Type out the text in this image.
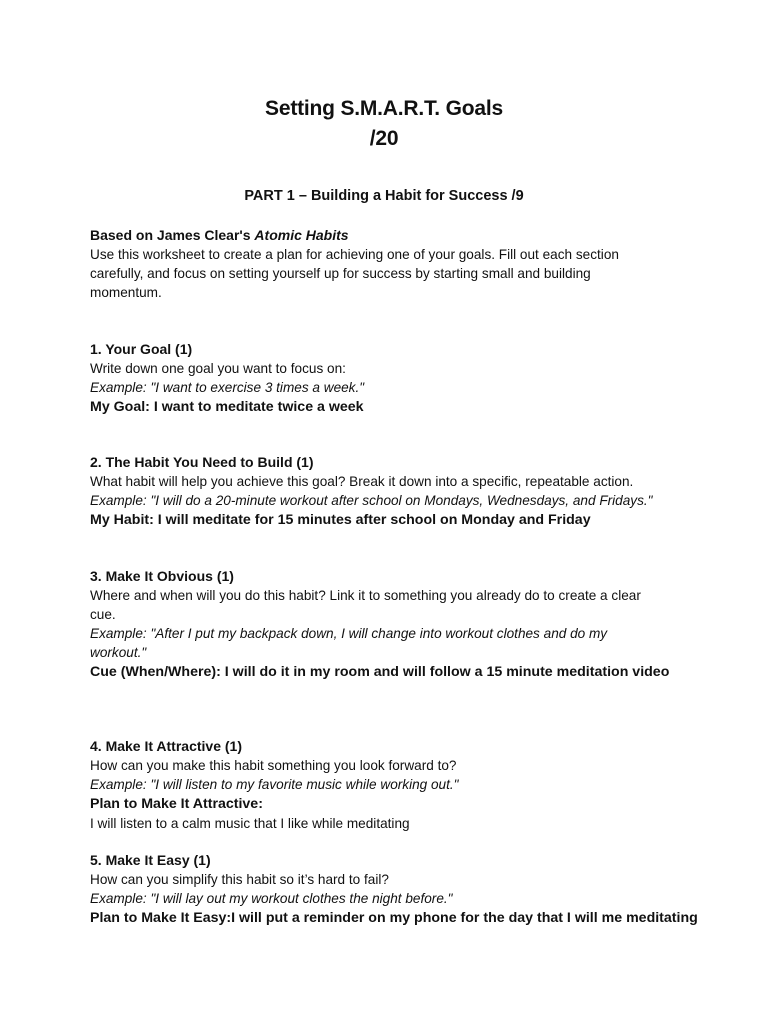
Setting S.M.A.R.T. Goals
/20
PART 1 – Building a Habit for Success /9
Based on James Clear's Atomic Habits
Use this worksheet to create a plan for achieving one of your goals. Fill out each section
carefully, and focus on setting yourself up for success by starting small and building
momentum.
1. Your Goal (1)
Write down one goal you want to focus on:
Example: "I want to exercise 3 times a week."
My Goal: I want to meditate twice a week
2. The Habit You Need to Build (1)
What habit will help you achieve this goal? Break it down into a specific, repeatable action.
Example: "I will do a 20-minute workout after school on Mondays, Wednesdays, and Fridays."
My Habit: I will meditate for 15 minutes after school on Monday and Friday
3. Make It Obvious (1)
Where and when will you do this habit? Link it to something you already do to create a clear
cue.
Example: "After I put my backpack down, I will change into workout clothes and do my
workout."
Cue (When/Where): I will do it in my room and will follow a 15 minute meditation video
4. Make It Attractive (1)
How can you make this habit something you look forward to?
Example: "I will listen to my favorite music while working out."
Plan to Make It Attractive:
I will listen to a calm music that I like while meditating
5. Make It Easy (1)
How can you simplify this habit so it’s hard to fail?
Example: "I will lay out my workout clothes the night before."
Plan to Make It Easy:I will put a reminder on my phone for the day that I will me meditating
